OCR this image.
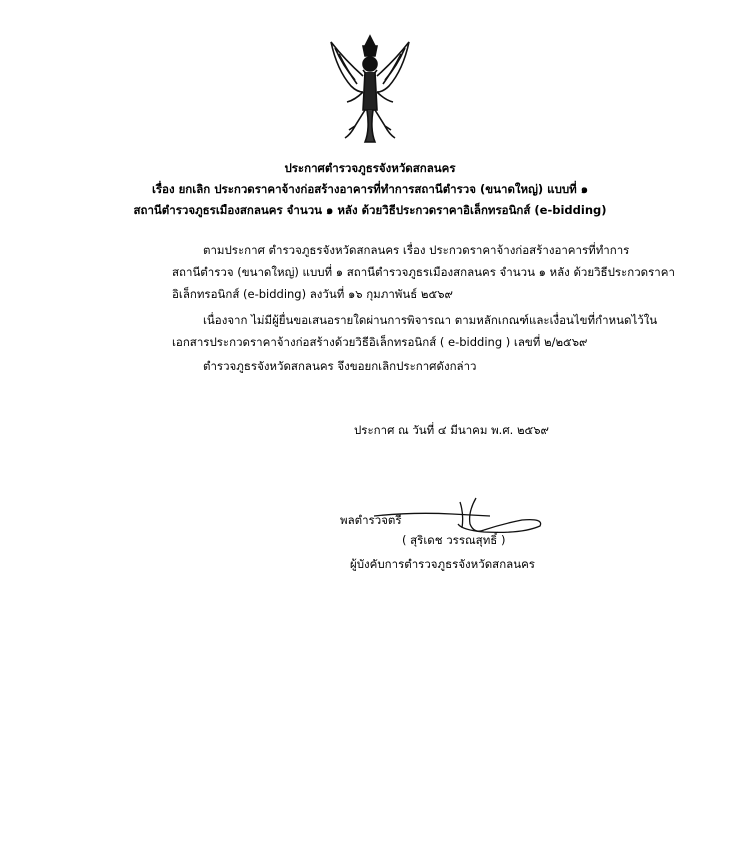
ประกาศตำรวจภูธรจังหวัดสกลนคร
เรื่อง ยกเลิก ประกวดราคาจ้างก่อสร้างอาคารที่ทำการสถานีตำรวจ (ขนาดใหญ่) แบบที่ ๑
สถานีตำรวจภูธรเมืองสกลนคร จำนวน ๑ หลัง ด้วยวิธีประกวดราคาอิเล็กทรอนิกส์ (e-bidding)
ตามประกาศ ตำรวจภูธรจังหวัดสกลนคร เรื่อง ประกวดราคาจ้างก่อสร้างอาคารที่ทำการ
สถานีตำรวจ (ขนาดใหญ่) แบบที่ ๑ สถานีตำรวจภูธรเมืองสกลนคร จำนวน ๑ หลัง ด้วยวิธีประกวดราคา
อิเล็กทรอนิกส์ (e-bidding) ลงวันที่ ๑๖ กุมภาพันธ์ ๒๕๖๙
เนื่องจาก ไม่มีผู้ยื่นขอเสนอรายใดผ่านการพิจารณา ตามหลักเกณฑ์และเงื่อนไขที่กำหนดไว้ใน
เอกสารประกวดราคาจ้างก่อสร้างด้วยวิธีอิเล็กทรอนิกส์ ( e-bidding ) เลขที่ ๒/๒๕๖๙
ตำรวจภูธรจังหวัดสกลนคร จึงขอยกเลิกประกาศดังกล่าว
ประกาศ ณ วันที่ ๔ มีนาคม พ.ศ. ๒๕๖๙
พลตำรวจตรี
( สุริเดช วรรณสุทธิ์ )
ผู้บังคับการตำรวจภูธรจังหวัดสกลนคร
